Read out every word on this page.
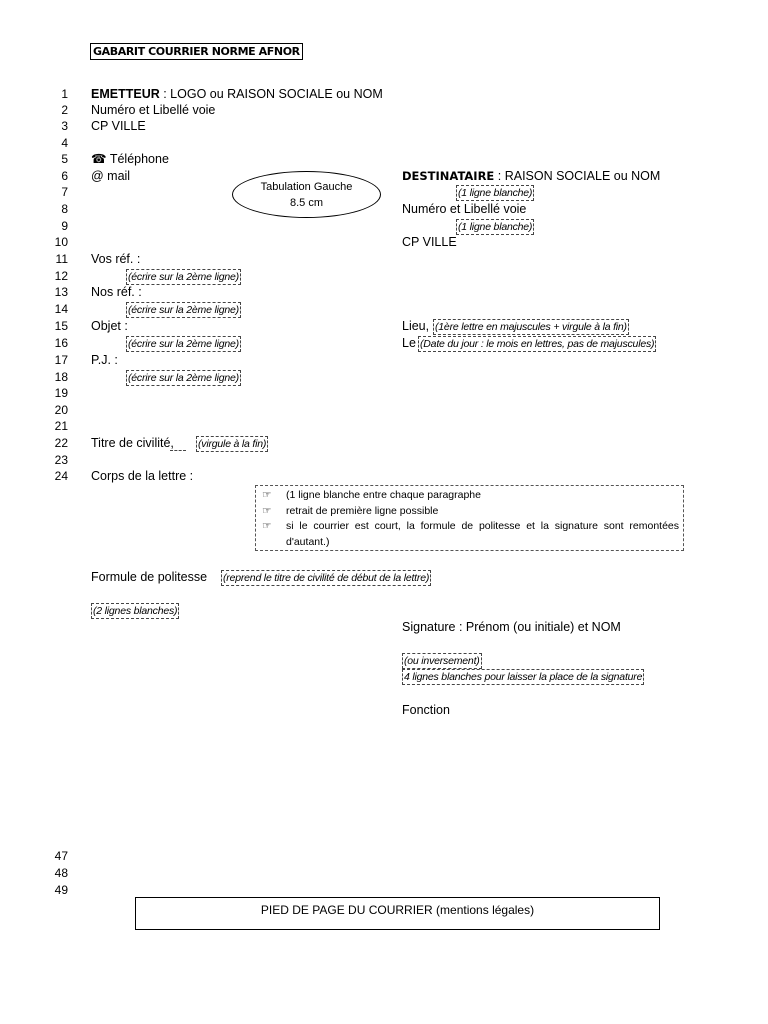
GABARIT COURRIER NORME AFNOR
1
2
3
4
5
6
7
8
9
10
11
12
13
14
15
16
17
18
19
20
21
22
23
24
47
48
49
EMETTEUR : LOGO ou RAISON SOCIALE ou NOM
Numéro et Libellé voie
CP VILLE
☎ Téléphone
@ mail
Tabulation Gauche
8.5 cm
DESTINATAIRE : RAISON SOCIALE ou NOM
(1 ligne blanche)
Numéro et Libellé voie
(1 ligne blanche)
CP VILLE
Vos réf. :
(écrire sur la 2ème ligne)
Nos réf. :
(écrire sur la 2ème ligne)
Objet :
(écrire sur la 2ème ligne)
P.J. :
(écrire sur la 2ème ligne)
Lieu, (1ère lettre en majuscules + virgule à la fin)
Le (Date du jour : le mois en lettres, pas de majuscules)
Titre de civilité,	(virgule à la fin)
Corps de la lettre :
☞	(1 ligne blanche entre chaque paragraphe
☞	retrait de première ligne possible
☞	si le courrier est court, la formule de politesse et la signature sont remontées d'autant.)
Formule de politesse (reprend le titre de civilité de début de la lettre)
(2 lignes blanches)
Signature : Prénom (ou initiale) et NOM
(ou inversement)
4 lignes blanches pour laisser la place de la signature
Fonction
PIED DE PAGE DU COURRIER (mentions légales)
